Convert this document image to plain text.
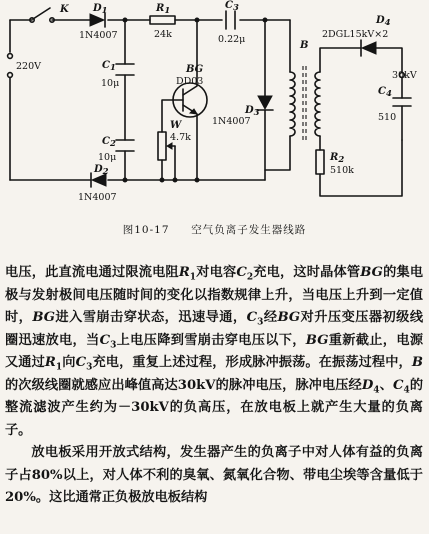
K
220V
$D_1$
1N4007
$R_1$
24k
$C_3$
0.22μ
$C_1$
10μ
$C_2$
10μ
$D_2$
1N4007
BG
DD03
W
4.7k
$D_3$
1N4007
B
$D_4$
2DGL15kV×2
$C_4$
510
$R_2$
510k
30kV
图10-17 空气负离子发生器线路

电压，此直流电通过限流电阻$R_1$对电容$C_2$充电，这时晶体管BG的集电极与发射极间电压随时间的变化以指数规律上升，当电压上升到一定值时，BG进入雪崩击穿状态，迅速导通，$C_3$经BG对升压变压器初级线圈迅速放电，当$C_3$上电压降到雪崩击穿电压以下，BG重新截止，电源又通过$R_1$向$C_3$充电，重复上述过程，形成脉冲振荡。在振荡过程中，B的次级线圈就感应出峰值高达30kV的脉冲电压，脉冲电压经$D_4$、$C_4$的整流滤波产生约为－30kV的负高压，在放电板上就产生大量的负离子。

放电板采用开放式结构，发生器产生的负离子中对人体有益的负离子占80%以上，对人体不利的臭氧、氮氧化合物、带电尘埃等含量低于20%。这比通常正负极放电板结构
